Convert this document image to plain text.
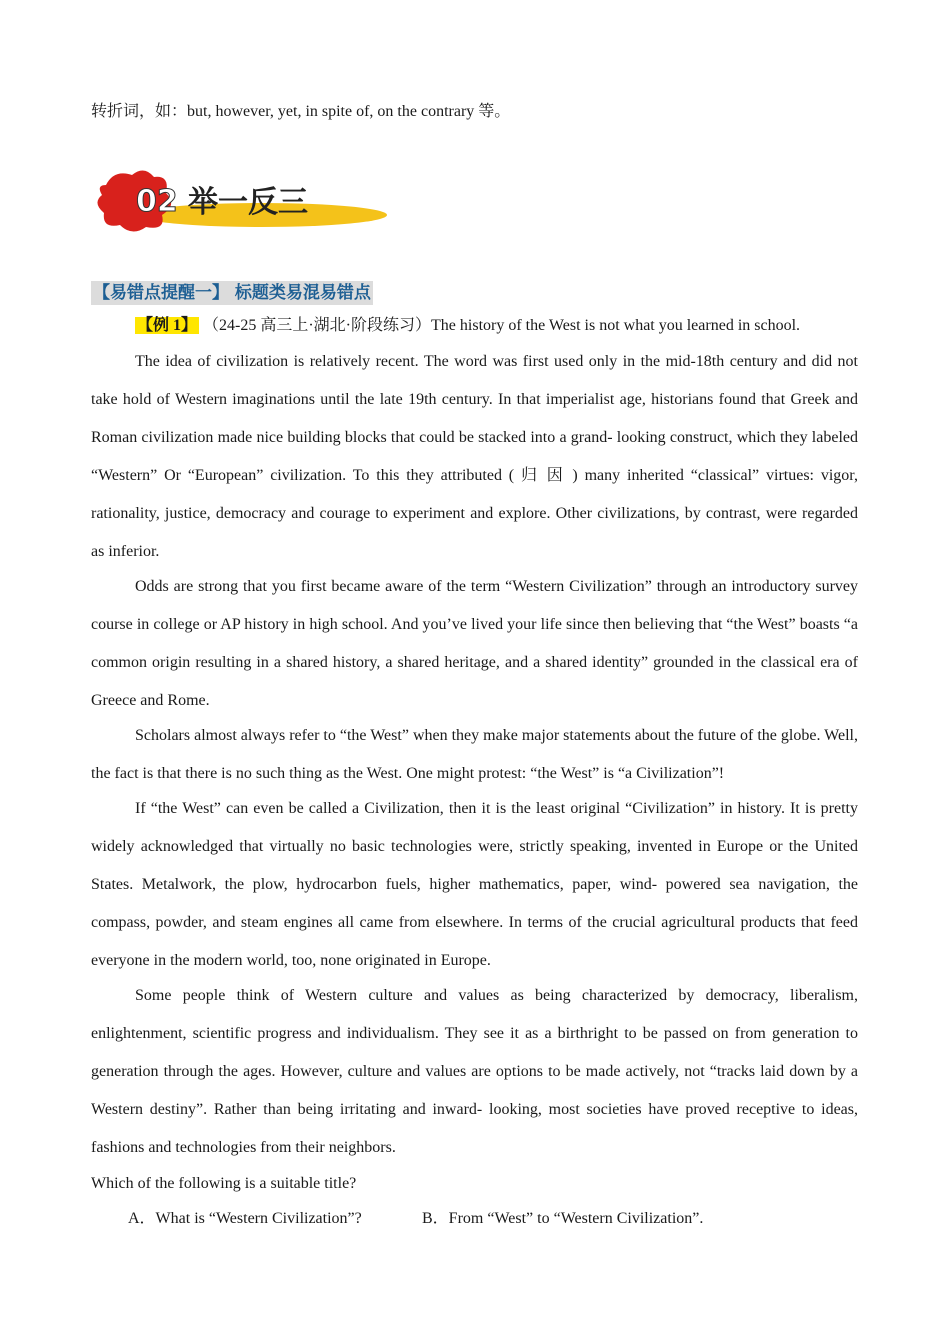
转折词，如：but, however, yet, in spite of, on the contrary 等。
02 举一反三
【易错点提醒一】 标题类易混易错点
【例 1】 （24-25 高三上·湖北·阶段练习）The history of the West is not what you learned in school.

The idea of civilization is relatively recent. The word was first used only in the mid-18th century and did not take hold of Western imaginations until the late 19th century. In that imperialist age, historians found that Greek and Roman civilization made nice building blocks that could be stacked into a grand- looking construct, which they labeled “Western” Or “European” civilization. To this they attributed ( 归 因 ) many inherited “classical” virtues: vigor, rationality, justice, democracy and courage to experiment and explore. Other civilizations, by contrast, were regarded as inferior.

Odds are strong that you first became aware of the term “Western Civilization” through an introductory survey course in college or AP history in high school. And you’ve lived your life since then believing that “the West” boasts “a common origin resulting in a shared history, a shared heritage, and a shared identity” grounded in the classical era of Greece and Rome.

Scholars almost always refer to “the West” when they make major statements about the future of the globe. Well, the fact is that there is no such thing as the West. One might protest: “the West” is “a Civilization”!

If “the West” can even be called a Civilization, then it is the least original “Civilization” in history. It is pretty widely acknowledged that virtually no basic technologies were, strictly speaking, invented in Europe or the United States. Metalwork, the plow, hydrocarbon fuels, higher mathematics, paper, wind- powered sea navigation, the compass, powder, and steam engines all came from elsewhere. In terms of the crucial agricultural products that feed everyone in the modern world, too, none originated in Europe.

Some people think of Western culture and values as being characterized by democracy, liberalism, enlightenment, scientific progress and individualism. They see it as a birthright to be passed on from generation to generation through the ages. However, culture and values are options to be made actively, not “tracks laid down by a Western destiny”. Rather than being irritating and inward- looking, most societies have proved receptive to ideas, fashions and technologies from their neighbors.

Which of the following is a suitable title?
A．What is “Western Civilization”?	B．From “West” to “Western Civilization”.
